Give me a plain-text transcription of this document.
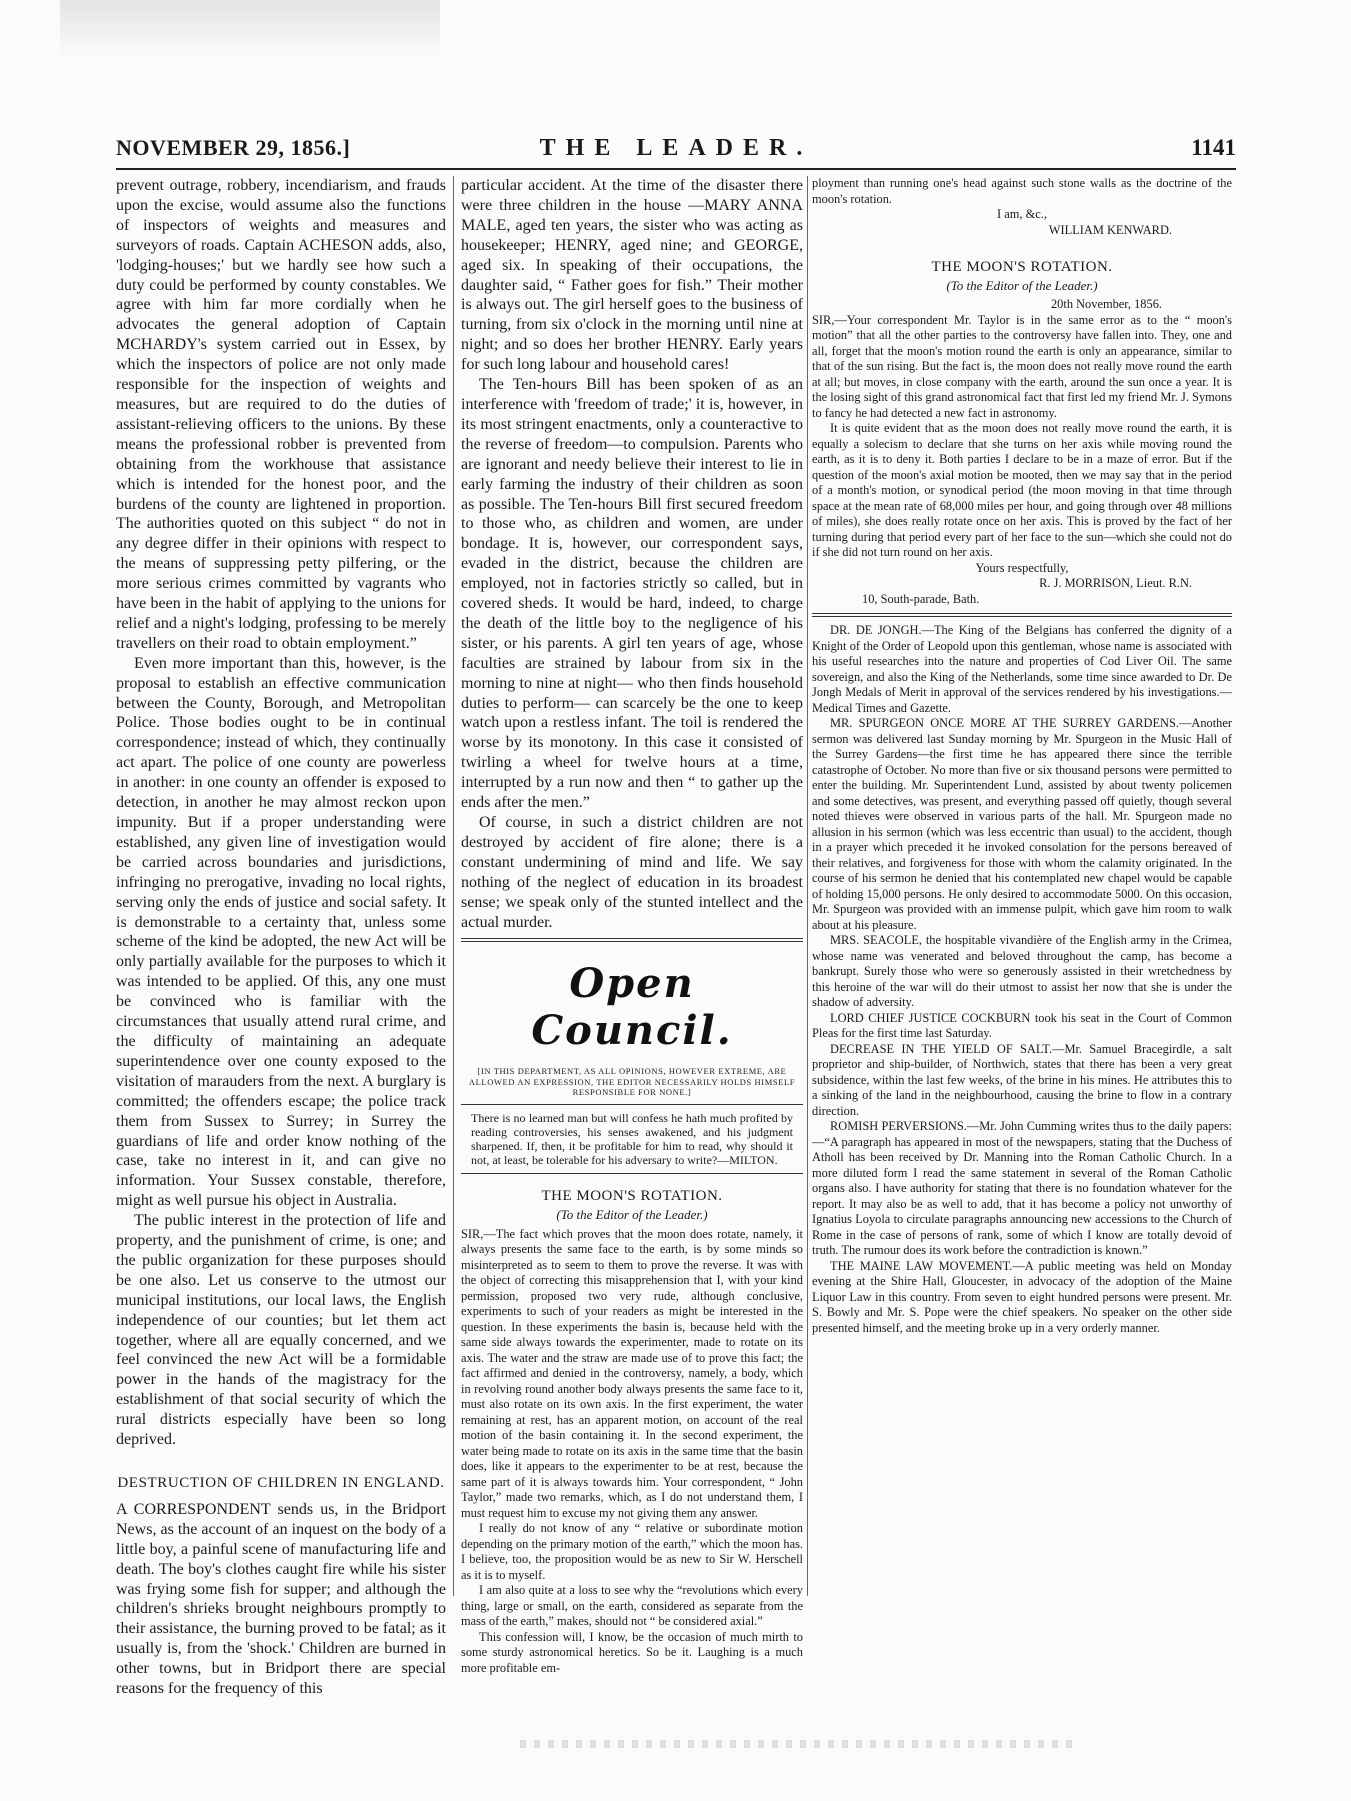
NOVEMBER 29, 1856.]	THE LEADER.	1141

prevent outrage, robbery, incendiarism, and frauds upon the excise, would assume also the functions of inspectors of weights and measures and surveyors of roads. Captain ACHESON adds, also, 'lodging-houses;' but we hardly see how such a duty could be performed by county constables. We agree with him far more cordially when he advocates the general adoption of Captain MCHARDY's system carried out in Essex, by which the inspectors of police are not only made responsible for the inspection of weights and measures, but are required to do the duties of assistant-relieving officers to the unions. By these means the professional robber is prevented from obtaining from the workhouse that assistance which is intended for the honest poor, and the burdens of the county are lightened in proportion. The authorities quoted on this subject “ do not in any degree differ in their opinions with respect to the means of suppressing petty pilfering, or the more serious crimes committed by vagrants who have been in the habit of applying to the unions for relief and a night's lodging, professing to be merely travellers on their road to obtain employment.”

Even more important than this, however, is the proposal to establish an effective communication between the County, Borough, and Metropolitan Police. Those bodies ought to be in continual correspondence; instead of which, they continually act apart. The police of one county are powerless in another: in one county an offender is exposed to detection, in another he may almost reckon upon impunity. But if a proper understanding were established, any given line of investigation would be carried across boundaries and jurisdictions, infringing no prerogative, invading no local rights, serving only the ends of justice and social safety. It is demonstrable to a certainty that, unless some scheme of the kind be adopted, the new Act will be only partially available for the purposes to which it was intended to be applied. Of this, any one must be convinced who is familiar with the circumstances that usually attend rural crime, and the difficulty of maintaining an adequate superintendence over one county exposed to the visitation of marauders from the next. A burglary is committed; the offenders escape; the police track them from Sussex to Surrey; in Surrey the guardians of life and order know nothing of the case, take no interest in it, and can give no information. Your Sussex constable, therefore, might as well pursue his object in Australia.

The public interest in the protection of life and property, and the punishment of crime, is one; and the public organization for these purposes should be one also. Let us conserve to the utmost our municipal institutions, our local laws, the English independence of our counties; but let them act together, where all are equally concerned, and we feel convinced the new Act will be a formidable power in the hands of the magistracy for the establishment of that social security of which the rural districts especially have been so long deprived.

DESTRUCTION OF CHILDREN IN ENGLAND.

A CORRESPONDENT sends us, in the Bridport News, as the account of an inquest on the body of a little boy, a painful scene of manufacturing life and death. The boy's clothes caught fire while his sister was frying some fish for supper; and although the children's shrieks brought neighbours promptly to their assistance, the burning proved to be fatal; as it usually is, from the 'shock.' Children are burned in other towns, but in Bridport there are special reasons for the frequency of this

particular accident. At the time of the disaster there were three children in the house —MARY ANNA MALE, aged ten years, the sister who was acting as housekeeper; HENRY, aged nine; and GEORGE, aged six. In speaking of their occupations, the daughter said, “ Father goes for fish.” Their mother is always out. The girl herself goes to the business of turning, from six o'clock in the morning until nine at night; and so does her brother HENRY. Early years for such long labour and household cares!

The Ten-hours Bill has been spoken of as an interference with 'freedom of trade;' it is, however, in its most stringent enactments, only a counteractive to the reverse of freedom—to compulsion. Parents who are ignorant and needy believe their interest to lie in early farming the industry of their children as soon as possible. The Ten-hours Bill first secured freedom to those who, as children and women, are under bondage. It is, however, our correspondent says, evaded in the district, because the children are employed, not in factories strictly so called, but in covered sheds. It would be hard, indeed, to charge the death of the little boy to the negligence of his sister, or his parents. A girl ten years of age, whose faculties are strained by labour from six in the morning to nine at night— who then finds household duties to perform— can scarcely be the one to keep watch upon a restless infant. The toil is rendered the worse by its monotony. In this case it consisted of twirling a wheel for twelve hours at a time, interrupted by a run now and then “ to gather up the ends after the men.”

Of course, in such a district children are not destroyed by accident of fire alone; there is a constant undermining of mind and life. We say nothing of the neglect of education in its broadest sense; we speak only of the stunted intellect and the actual murder.

Open Council.
[IN THIS DEPARTMENT, AS ALL OPINIONS, HOWEVER EXTREME, ARE ALLOWED AN EXPRESSION, THE EDITOR NECESSARILY HOLDS HIMSELF RESPONSIBLE FOR NONE.]
There is no learned man but will confess he hath much profited by reading controversies, his senses awakened, and his judgment sharpened. If, then, it be profitable for him to read, why should it not, at least, be tolerable for his adversary to write?—MILTON.
THE MOON'S ROTATION.
(To the Editor of the Leader.)

SIR,—The fact which proves that the moon does rotate, namely, it always presents the same face to the earth, is by some minds so misinterpreted as to seem to them to prove the reverse. It was with the object of correcting this misapprehension that I, with your kind permission, proposed two very rude, although conclusive, experiments to such of your readers as might be interested in the question. In these experiments the basin is, because held with the same side always towards the experimenter, made to rotate on its axis. The water and the straw are made use of to prove this fact; the fact affirmed and denied in the controversy, namely, a body, which in revolving round another body always presents the same face to it, must also rotate on its own axis. In the first experiment, the water remaining at rest, has an apparent motion, on account of the real motion of the basin containing it. In the second experiment, the water being made to rotate on its axis in the same time that the basin does, like it appears to the experimenter to be at rest, because the same part of it is always towards him. Your correspondent, “ John Taylor,” made two remarks, which, as I do not understand them, I must request him to excuse my not giving them any answer.

I really do not know of any “ relative or subordinate motion depending on the primary motion of the earth,” which the moon has. I believe, too, the proposition would be as new to Sir W. Herschell as it is to myself.

I am also quite at a loss to see why the “revolutions which every thing, large or small, on the earth, considered as separate from the mass of the earth,” makes, should not “ be considered axial.”

This confession will, I know, be the occasion of much mirth to some sturdy astronomical heretics. So be it. Laughing is a much more profitable em-

ployment than running one's head against such stone walls as the doctrine of the moon's rotation.

I am, &c.,
WILLIAM KENWARD.
THE MOON'S ROTATION.
(To the Editor of the Leader.)
20th November, 1856.

SIR,—Your correspondent Mr. Taylor is in the same error as to the “ moon's motion” that all the other parties to the controversy have fallen into. They, one and all, forget that the moon's motion round the earth is only an appearance, similar to that of the sun rising. But the fact is, the moon does not really move round the earth at all; but moves, in close company with the earth, around the sun once a year. It is the losing sight of this grand astronomical fact that first led my friend Mr. J. Symons to fancy he had detected a new fact in astronomy.

It is quite evident that as the moon does not really move round the earth, it is equally a solecism to declare that she turns on her axis while moving round the earth, as it is to deny it. Both parties I declare to be in a maze of error. But if the question of the moon's axial motion be mooted, then we may say that in the period of a month's motion, or synodical period (the moon moving in that time through space at the mean rate of 68,000 miles per hour, and going through over 48 millions of miles), she does really rotate once on her axis. This is proved by the fact of her turning during that period every part of her face to the sun—which she could not do if she did not turn round on her axis.

Yours respectfully,
R. J. MORRISON, Lieut. R.N.
10, South-parade, Bath.

DR. DE JONGH.—The King of the Belgians has conferred the dignity of a Knight of the Order of Leopold upon this gentleman, whose name is associated with his useful researches into the nature and properties of Cod Liver Oil. The same sovereign, and also the King of the Netherlands, some time since awarded to Dr. De Jongh Medals of Merit in approval of the services rendered by his investigations.—Medical Times and Gazette.

MR. SPURGEON ONCE MORE AT THE SURREY GARDENS.—Another sermon was delivered last Sunday morning by Mr. Spurgeon in the Music Hall of the Surrey Gardens—the first time he has appeared there since the terrible catastrophe of October. No more than five or six thousand persons were permitted to enter the building. Mr. Superintendent Lund, assisted by about twenty policemen and some detectives, was present, and everything passed off quietly, though several noted thieves were observed in various parts of the hall. Mr. Spurgeon made no allusion in his sermon (which was less eccentric than usual) to the accident, though in a prayer which preceded it he invoked consolation for the persons bereaved of their relatives, and forgiveness for those with whom the calamity originated. In the course of his sermon he denied that his contemplated new chapel would be capable of holding 15,000 persons. He only desired to accommodate 5000. On this occasion, Mr. Spurgeon was provided with an immense pulpit, which gave him room to walk about at his pleasure.

MRS. SEACOLE, the hospitable vivandière of the English army in the Crimea, whose name was venerated and beloved throughout the camp, has become a bankrupt. Surely those who were so generously assisted in their wretchedness by this heroine of the war will do their utmost to assist her now that she is under the shadow of adversity.

LORD CHIEF JUSTICE COCKBURN took his seat in the Court of Common Pleas for the first time last Saturday.

DECREASE IN THE YIELD OF SALT.—Mr. Samuel Bracegirdle, a salt proprietor and ship-builder, of Northwich, states that there has been a very great subsidence, within the last few weeks, of the brine in his mines. He attributes this to a sinking of the land in the neighbourhood, causing the brine to flow in a contrary direction.

ROMISH PERVERSIONS.—Mr. John Cumming writes thus to the daily papers:—“A paragraph has appeared in most of the newspapers, stating that the Duchess of Atholl has been received by Dr. Manning into the Roman Catholic Church. In a more diluted form I read the same statement in several of the Roman Catholic organs also. I have authority for stating that there is no foundation whatever for the report. It may also be as well to add, that it has become a policy not unworthy of Ignatius Loyola to circulate paragraphs announcing new accessions to the Church of Rome in the case of persons of rank, some of which I know are totally devoid of truth. The rumour does its work before the contradiction is known.”

THE MAINE LAW MOVEMENT.—A public meeting was held on Monday evening at the Shire Hall, Gloucester, in advocacy of the adoption of the Maine Liquor Law in this country. From seven to eight hundred persons were present. Mr. S. Bowly and Mr. S. Pope were the chief speakers. No speaker on the other side presented himself, and the meeting broke up in a very orderly manner.
